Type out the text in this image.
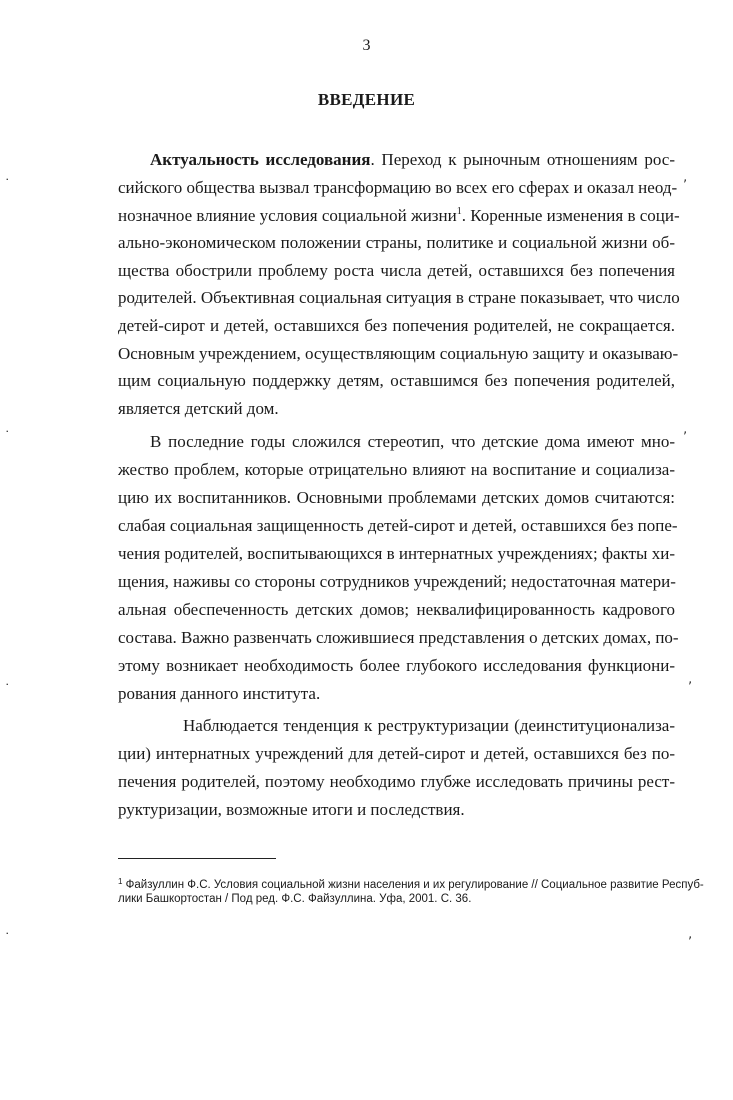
3
ВВЕДЕНИЕ
Актуальность исследования. Переход к рыночным отношениям рос-
сийского общества вызвал трансформацию во всех его сферах и оказал неод-
нозначное влияние условия социальной жизни$^1$. Коренные изменения в соци-
ально-экономическом положении страны, политике и социальной жизни об-
щества обострили проблему роста числа детей, оставшихся без попечения
родителей. Объективная социальная ситуация в стране показывает, что число
детей-сирот и детей, оставшихся без попечения родителей, не сокращается.
Основным учреждением, осуществляющим социальную защиту и оказываю-
щим социальную поддержку детям, оставшимся без попечения родителей,
является детский дом.
В последние годы сложился стереотип, что детские дома имеют мно-
жество проблем, которые отрицательно влияют на воспитание и социализа-
цию их воспитанников. Основными проблемами детских домов считаются:
слабая социальная защищенность детей-сирот и детей, оставшихся без попе-
чения родителей, воспитывающихся в интернатных учреждениях; факты хи-
щения, наживы со стороны сотрудников учреждений; недостаточная матери-
альная обеспеченность детских домов; неквалифицированность кадрового
состава. Важно развенчать сложившиеся представления о детских домах, по-
этому возникает необходимость более глубокого исследования функциони-
рования данного института.
Наблюдается тенденция к реструктуризации (деинституционализа-
ции) интернатных учреждений для детей-сирот и детей, оставшихся без по-
печения родителей, поэтому необходимо глубже исследовать причины рест-
руктуризации, возможные итоги и последствия.
$^1$ Файзуллин Ф.С. Условия социальной жизни населения и их регулирование // Социальное развитие Респуб-
лики Башкортостан / Под ред. Ф.С. Файзуллина. Уфа, 2001. С. 36.
ʼ
ʼ
ʼ
ʼ
˙
˙
˙
˙
